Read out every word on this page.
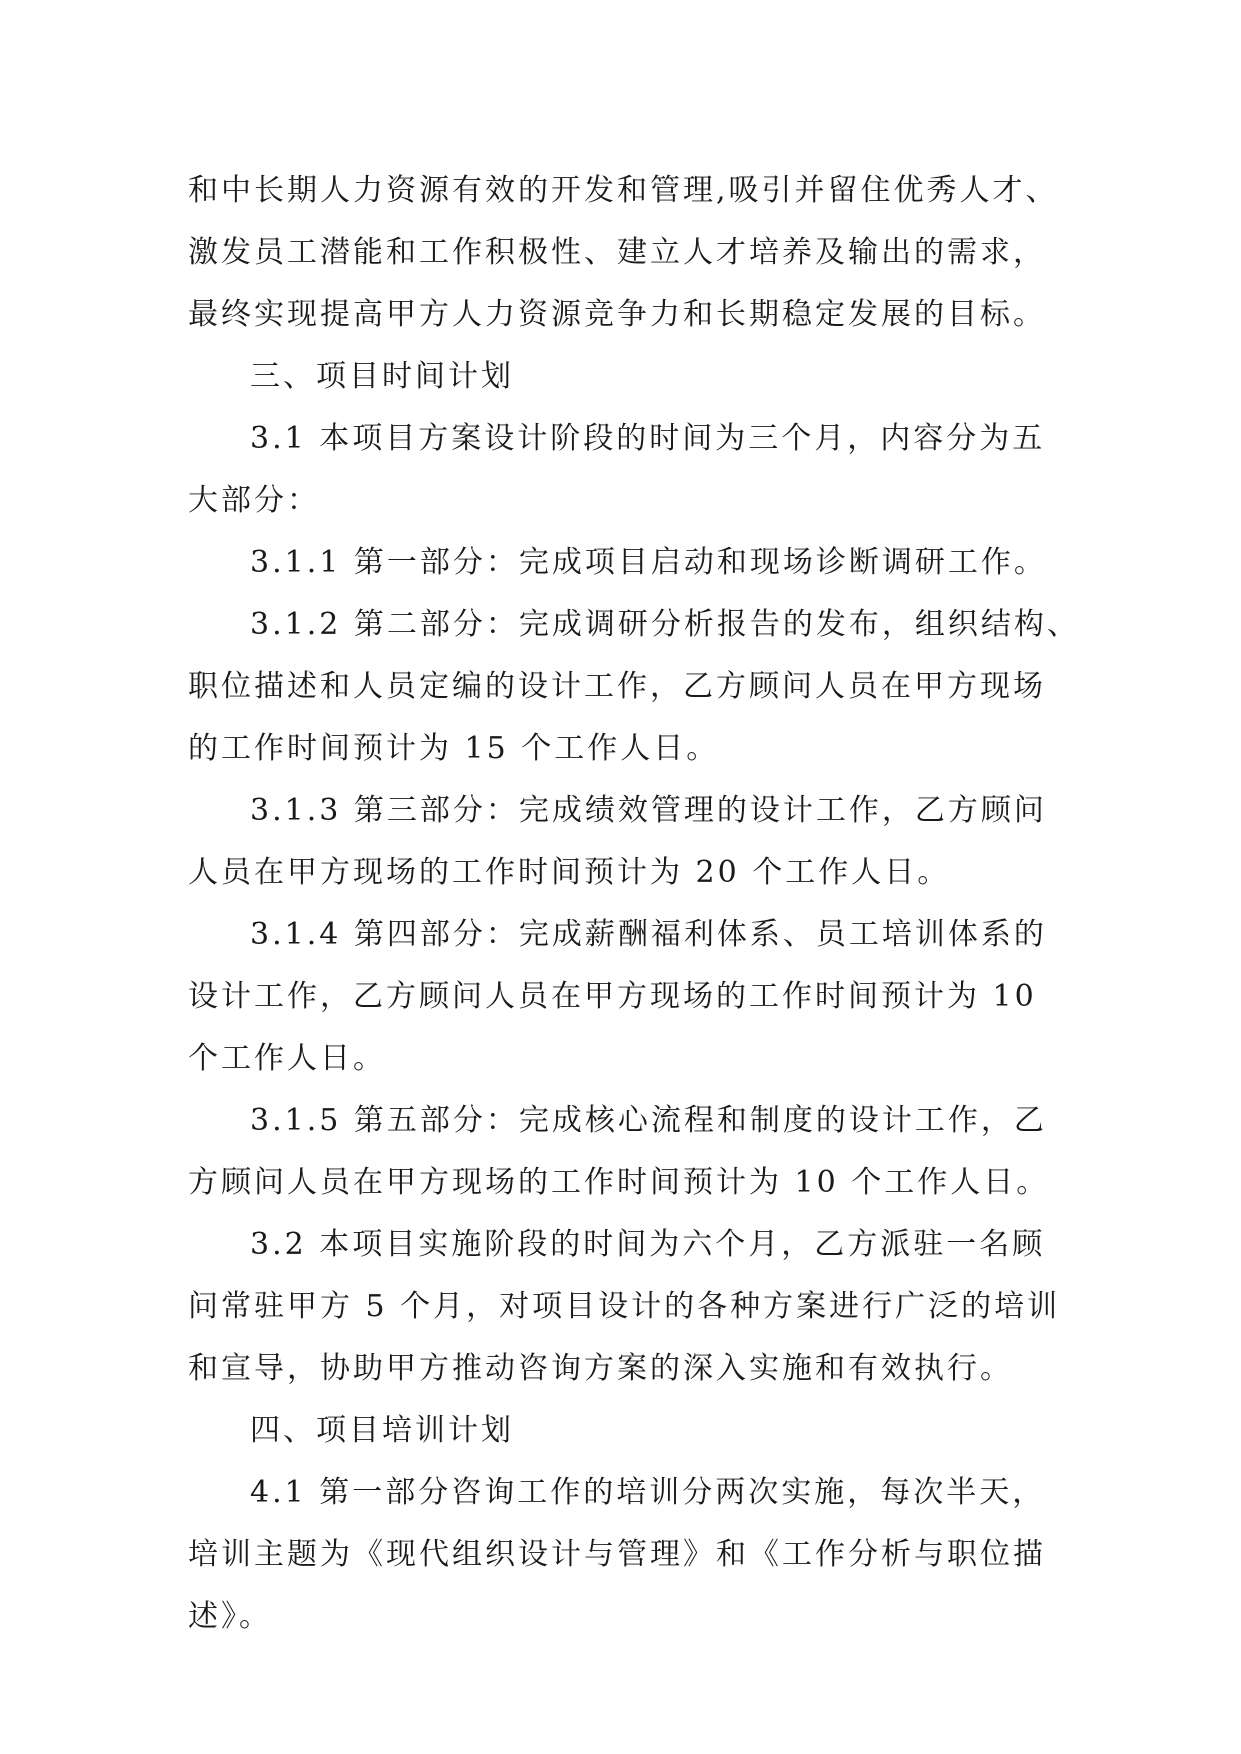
和中长期人力资源有效的开发和管理,吸引并留住优秀人才、
激发员工潜能和工作积极性、建立人才培养及输出的需求，
最终实现提高甲方人力资源竞争力和长期稳定发展的目标。
三、项目时间计划
3.1 本项目方案设计阶段的时间为三个月，内容分为五
大部分：
3.1.1 第一部分：完成项目启动和现场诊断调研工作。
3.1.2 第二部分：完成调研分析报告的发布，组织结构、
职位描述和人员定编的设计工作，乙方顾问人员在甲方现场
的工作时间预计为 15 个工作人日。
3.1.3 第三部分：完成绩效管理的设计工作，乙方顾问
人员在甲方现场的工作时间预计为 20 个工作人日。
3.1.4 第四部分：完成薪酬福利体系、员工培训体系的
设计工作，乙方顾问人员在甲方现场的工作时间预计为 10
个工作人日。
3.1.5 第五部分：完成核心流程和制度的设计工作，乙
方顾问人员在甲方现场的工作时间预计为 10 个工作人日。
3.2 本项目实施阶段的时间为六个月，乙方派驻一名顾
问常驻甲方 5 个月，对项目设计的各种方案进行广泛的培训
和宣导，协助甲方推动咨询方案的深入实施和有效执行。
四、项目培训计划
4.1 第一部分咨询工作的培训分两次实施，每次半天，
培训主题为《现代组织设计与管理》和《工作分析与职位描
述》。
